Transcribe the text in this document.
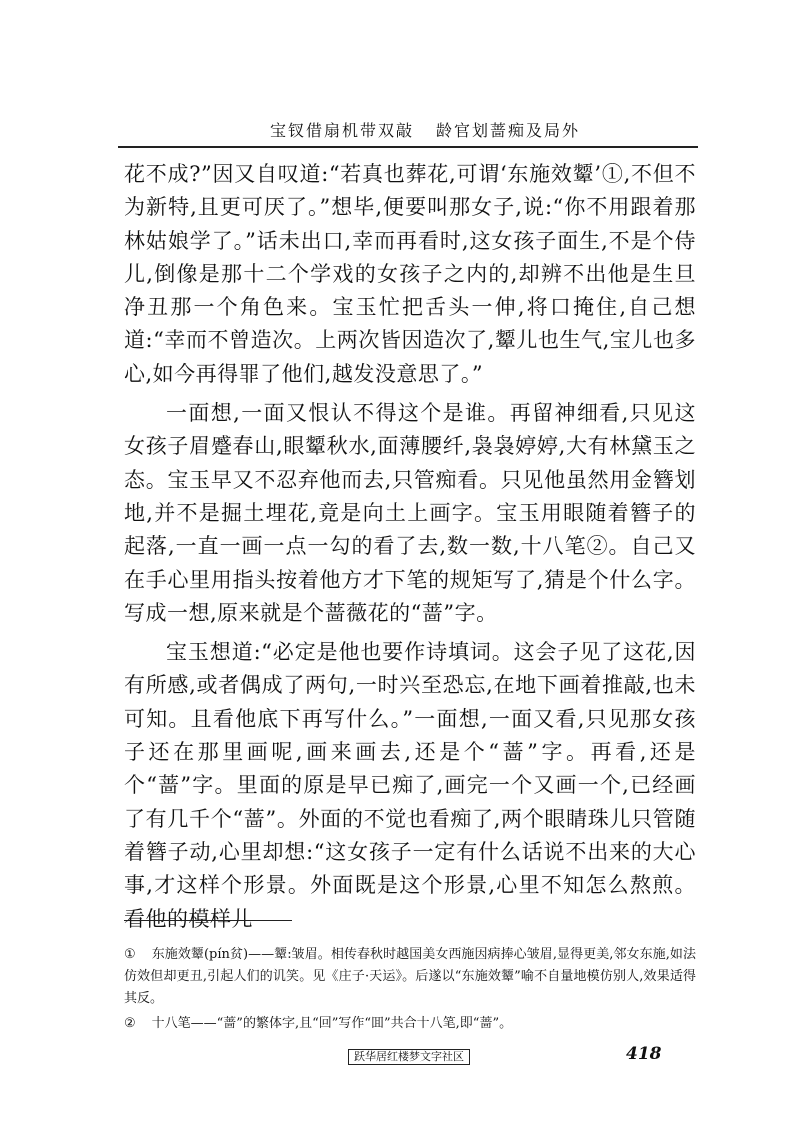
宝钗借扇机带双敲 龄官划蔷痴及局外

花不成?”因又自叹道:“若真也葬花,可谓‘东施效颦’①,不但不为新特,且更可厌了。”想毕,便要叫那女子,说:“你不用跟着那林姑娘学了。”话未出口,幸而再看时,这女孩子面生,不是个侍儿,倒像是那十二个学戏的女孩子之内的,却辨不出他是生旦净丑那一个角色来。宝玉忙把舌头一伸,将口掩住,自己想道:“幸而不曾造次。上两次皆因造次了,颦儿也生气,宝儿也多心,如今再得罪了他们,越发没意思了。”

一面想,一面又恨认不得这个是谁。再留神细看,只见这女孩子眉蹙春山,眼颦秋水,面薄腰纤,袅袅婷婷,大有林黛玉之态。宝玉早又不忍弃他而去,只管痴看。只见他虽然用金簪划地,并不是掘土埋花,竟是向土上画字。宝玉用眼随着簪子的起落,一直一画一点一勾的看了去,数一数,十八笔②。自己又在手心里用指头按着他方才下笔的规矩写了,猜是个什么字。写成一想,原来就是个蔷薇花的“蔷”字。

宝玉想道:“必定是他也要作诗填词。这会子见了这花,因有所感,或者偶成了两句,一时兴至恐忘,在地下画着推敲,也未可知。且看他底下再写什么。”一面想,一面又看,只见那女孩子还在那里画呢,画来画去,还是个“蔷”字。再看,还是个“蔷”字。里面的原是早已痴了,画完一个又画一个,已经画了有几千个“蔷”。外面的不觉也看痴了,两个眼睛珠儿只管随着簪子动,心里却想:“这女孩子一定有什么话说不出来的大心事,才这样个形景。外面既是这个形景,心里不知怎么熬煎。看他的模样儿

① 东施效颦(pín贫)——颦:皱眉。相传春秋时越国美女西施因病捧心皱眉,显得更美,邻女东施,如法仿效但却更丑,引起人们的讥笑。见《庄子·天运》。后遂以“东施效颦”喻不自量地模仿别人,效果适得其反。

② 十八笔——“蔷”的繁体字,且“回”写作“囬”共合十八笔,即“蔷”。

跃华居红楼梦文字社区	418
